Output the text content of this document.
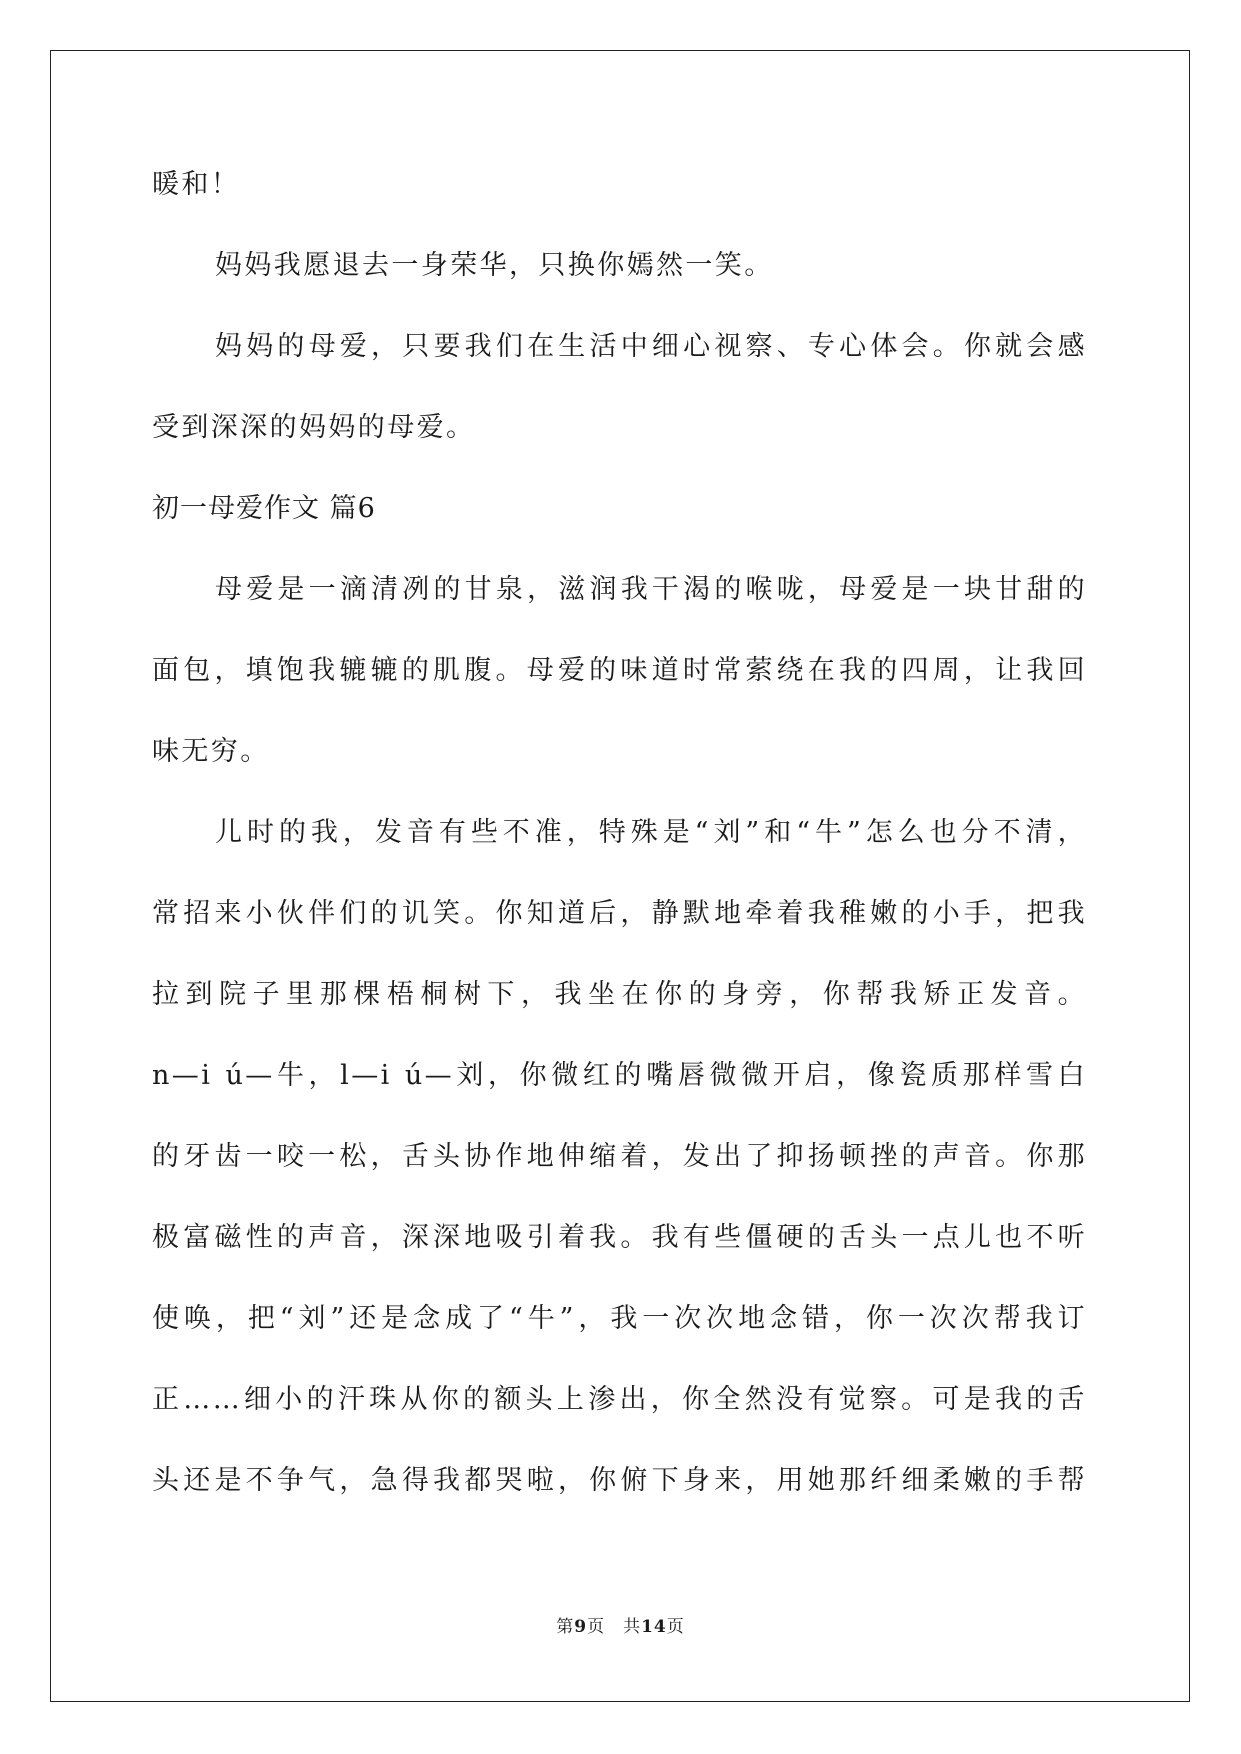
暖和！
妈妈我愿退去一身荣华，只换你嫣然一笑。
妈妈的母爱，只要我们在生活中细心视察、专心体会。你就会感
受到深深的妈妈的母爱。
初一母爱作文 篇6
母爱是一滴清冽的甘泉，滋润我干渴的喉咙，母爱是一块甘甜的
面包，填饱我辘辘的肌腹。母爱的味道时常萦绕在我的四周，让我回
味无穷。
儿时的我，发音有些不准，特殊是“刘”和“牛”怎么也分不清，
常招来小伙伴们的讥笑。你知道后，静默地牵着我稚嫩的小手，把我
拉到院子里那棵梧桐树下，我坐在你的身旁，你帮我矫正发音。
n—i ú—牛，l—i ú—刘，你微红的嘴唇微微开启，像瓷质那样雪白
的牙齿一咬一松，舌头协作地伸缩着，发出了抑扬顿挫的声音。你那
极富磁性的声音，深深地吸引着我。我有些僵硬的舌头一点儿也不听
使唤，把“刘”还是念成了“牛”，我一次次地念错，你一次次帮我订
正……细小的汗珠从你的额头上渗出，你全然没有觉察。可是我的舌
头还是不争气，急得我都哭啦，你俯下身来，用她那纤细柔嫩的手帮
第9页　共14页
